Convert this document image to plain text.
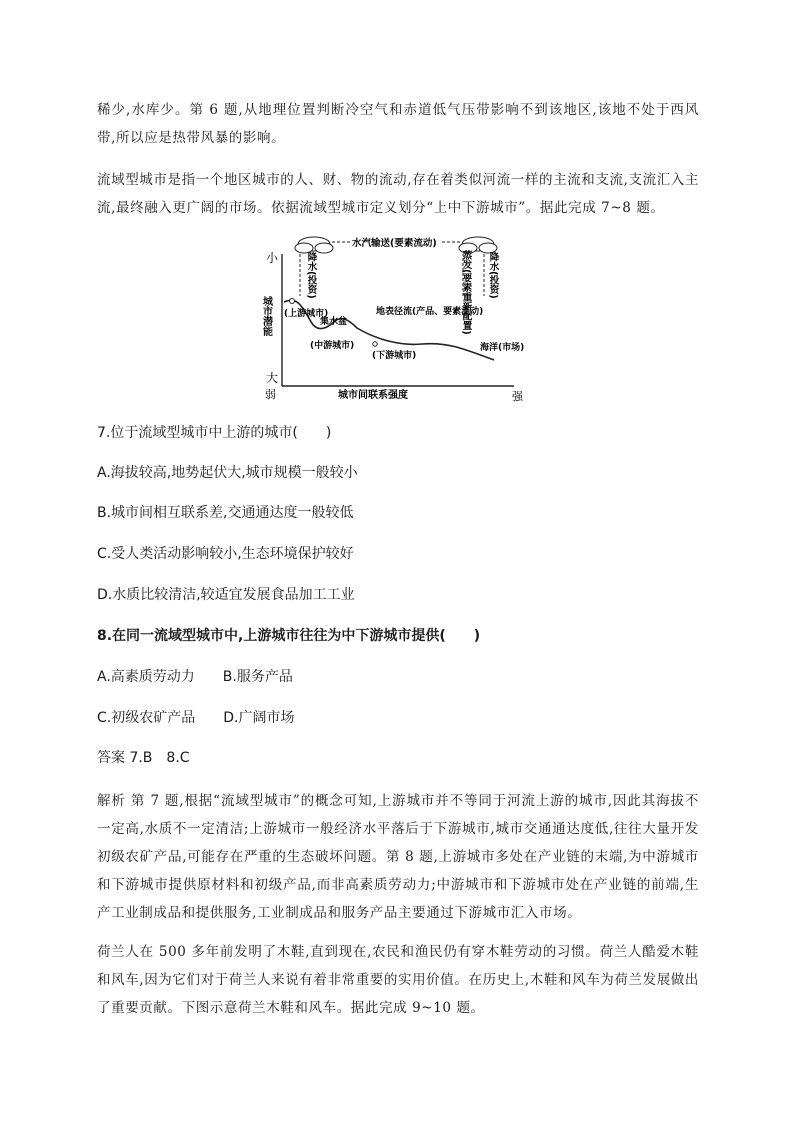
稀少,水库少。第 6 题,从地理位置判断冷空气和赤道低气压带影响不到该地区,该地不处于西风带,所以应是热带风暴的影响。

流域型城市是指一个地区城市的人、财、物的流动,存在着类似河流一样的主流和支流,支流汇入主流,最终融入更广阔的市场。依据流域型城市定义划分“上中下游城市”。据此完成 7~8 题。

7.位于流域型城市中上游的城市(　　)

A.海拔较高,地势起伏大,城市规模一般较小

B.城市间相互联系差,交通通达度一般较低

C.受人类活动影响较小,生态环境保护较好

D.水质比较清洁,较适宜发展食品加工工业

8.在同一流域型城市中,上游城市往往为中下游城市提供(　　)

A.高素质劳动力 B.服务产品

C.初级农矿产品 D.广阔市场

答案 7.B　8.C

解析 第 7 题,根据“流域型城市”的概念可知,上游城市并不等同于河流上游的城市,因此其海拔不一定高,水质不一定清洁;上游城市一般经济水平落后于下游城市,城市交通通达度低,往往大量开发初级农矿产品,可能存在严重的生态破坏问题。第 8 题,上游城市多处在产业链的末端,为中游城市和下游城市提供原材料和初级产品,而非高素质劳动力;中游城市和下游城市处在产业链的前端,生产工业制成品和提供服务,工业制成品和服务产品主要通过下游城市汇入市场。

荷兰人在 500 多年前发明了木鞋,直到现在,农民和渔民仍有穿木鞋劳动的习惯。荷兰人酷爱木鞋和风车,因为它们对于荷兰人来说有着非常重要的实用价值。在历史上,木鞋和风车为荷兰发展做出了重要贡献。下图示意荷兰木鞋和风车。据此完成 9~10 题。

小
大
弱	强
城市间联系强度
城市潜能
水汽输送(要素流动)
降水(投资)	蒸发(要素重新配置) 降水(投资)
(上游城市)
集水盆
(中游城市)
地表径流(产品、要素流动)
(下游城市)
海洋(市场)
